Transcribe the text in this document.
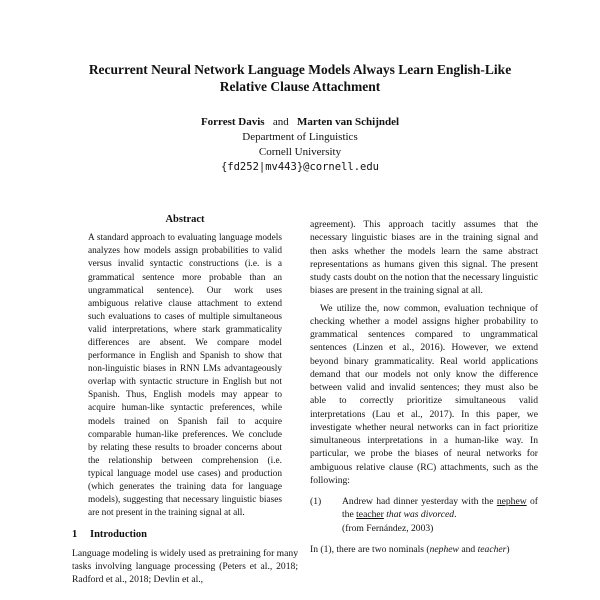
Recurrent Neural Network Language Models Always Learn English-Like
Relative Clause Attachment
Forrest Davis and Marten van Schijndel
Department of Linguistics
Cornell University
{fd252|mv443}@cornell.edu
Abstract

A standard approach to evaluating language models analyzes how models assign probabilities to valid versus invalid syntactic constructions (i.e. is a grammatical sentence more probable than an ungrammatical sentence). Our work uses ambiguous relative clause attachment to extend such evaluations to cases of multiple simultaneous valid interpretations, where stark grammaticality differences are absent. We compare model performance in English and Spanish to show that non-linguistic biases in RNN LMs advantageously overlap with syntactic structure in English but not Spanish. Thus, English models may appear to acquire human-like syntactic preferences, while models trained on Spanish fail to acquire comparable human-like preferences. We conclude by relating these results to broader concerns about the relationship between comprehension (i.e. typical language model use cases) and production (which generates the training data for language models), suggesting that necessary linguistic biases are not present in the training signal at all.

1 Introduction

Language modeling is widely used as pretraining for many tasks involving language processing (Peters et al., 2018; Radford et al., 2018; Devlin et al.,

agreement). This approach tacitly assumes that the necessary linguistic biases are in the training signal and then asks whether the models learn the same abstract representations as humans given this signal. The present study casts doubt on the notion that the necessary linguistic biases are present in the training signal at all.

We utilize the, now common, evaluation technique of checking whether a model assigns higher probability to grammatical sentences compared to ungrammatical sentences (Linzen et al., 2016). However, we extend beyond binary grammaticality. Real world applications demand that our models not only know the difference between valid and invalid sentences; they must also be able to correctly prioritize simultaneous valid interpretations (Lau et al., 2017). In this paper, we investigate whether neural networks can in fact prioritize simultaneous interpretations in a human-like way. In particular, we probe the biases of neural networks for ambiguous relative clause (RC) attachments, such as the following:

(1)	Andrew had dinner yesterday with the nephew of the teacher that was divorced.
(from Fernández, 2003)

In (1), there are two nominals (nephew and teacher)
